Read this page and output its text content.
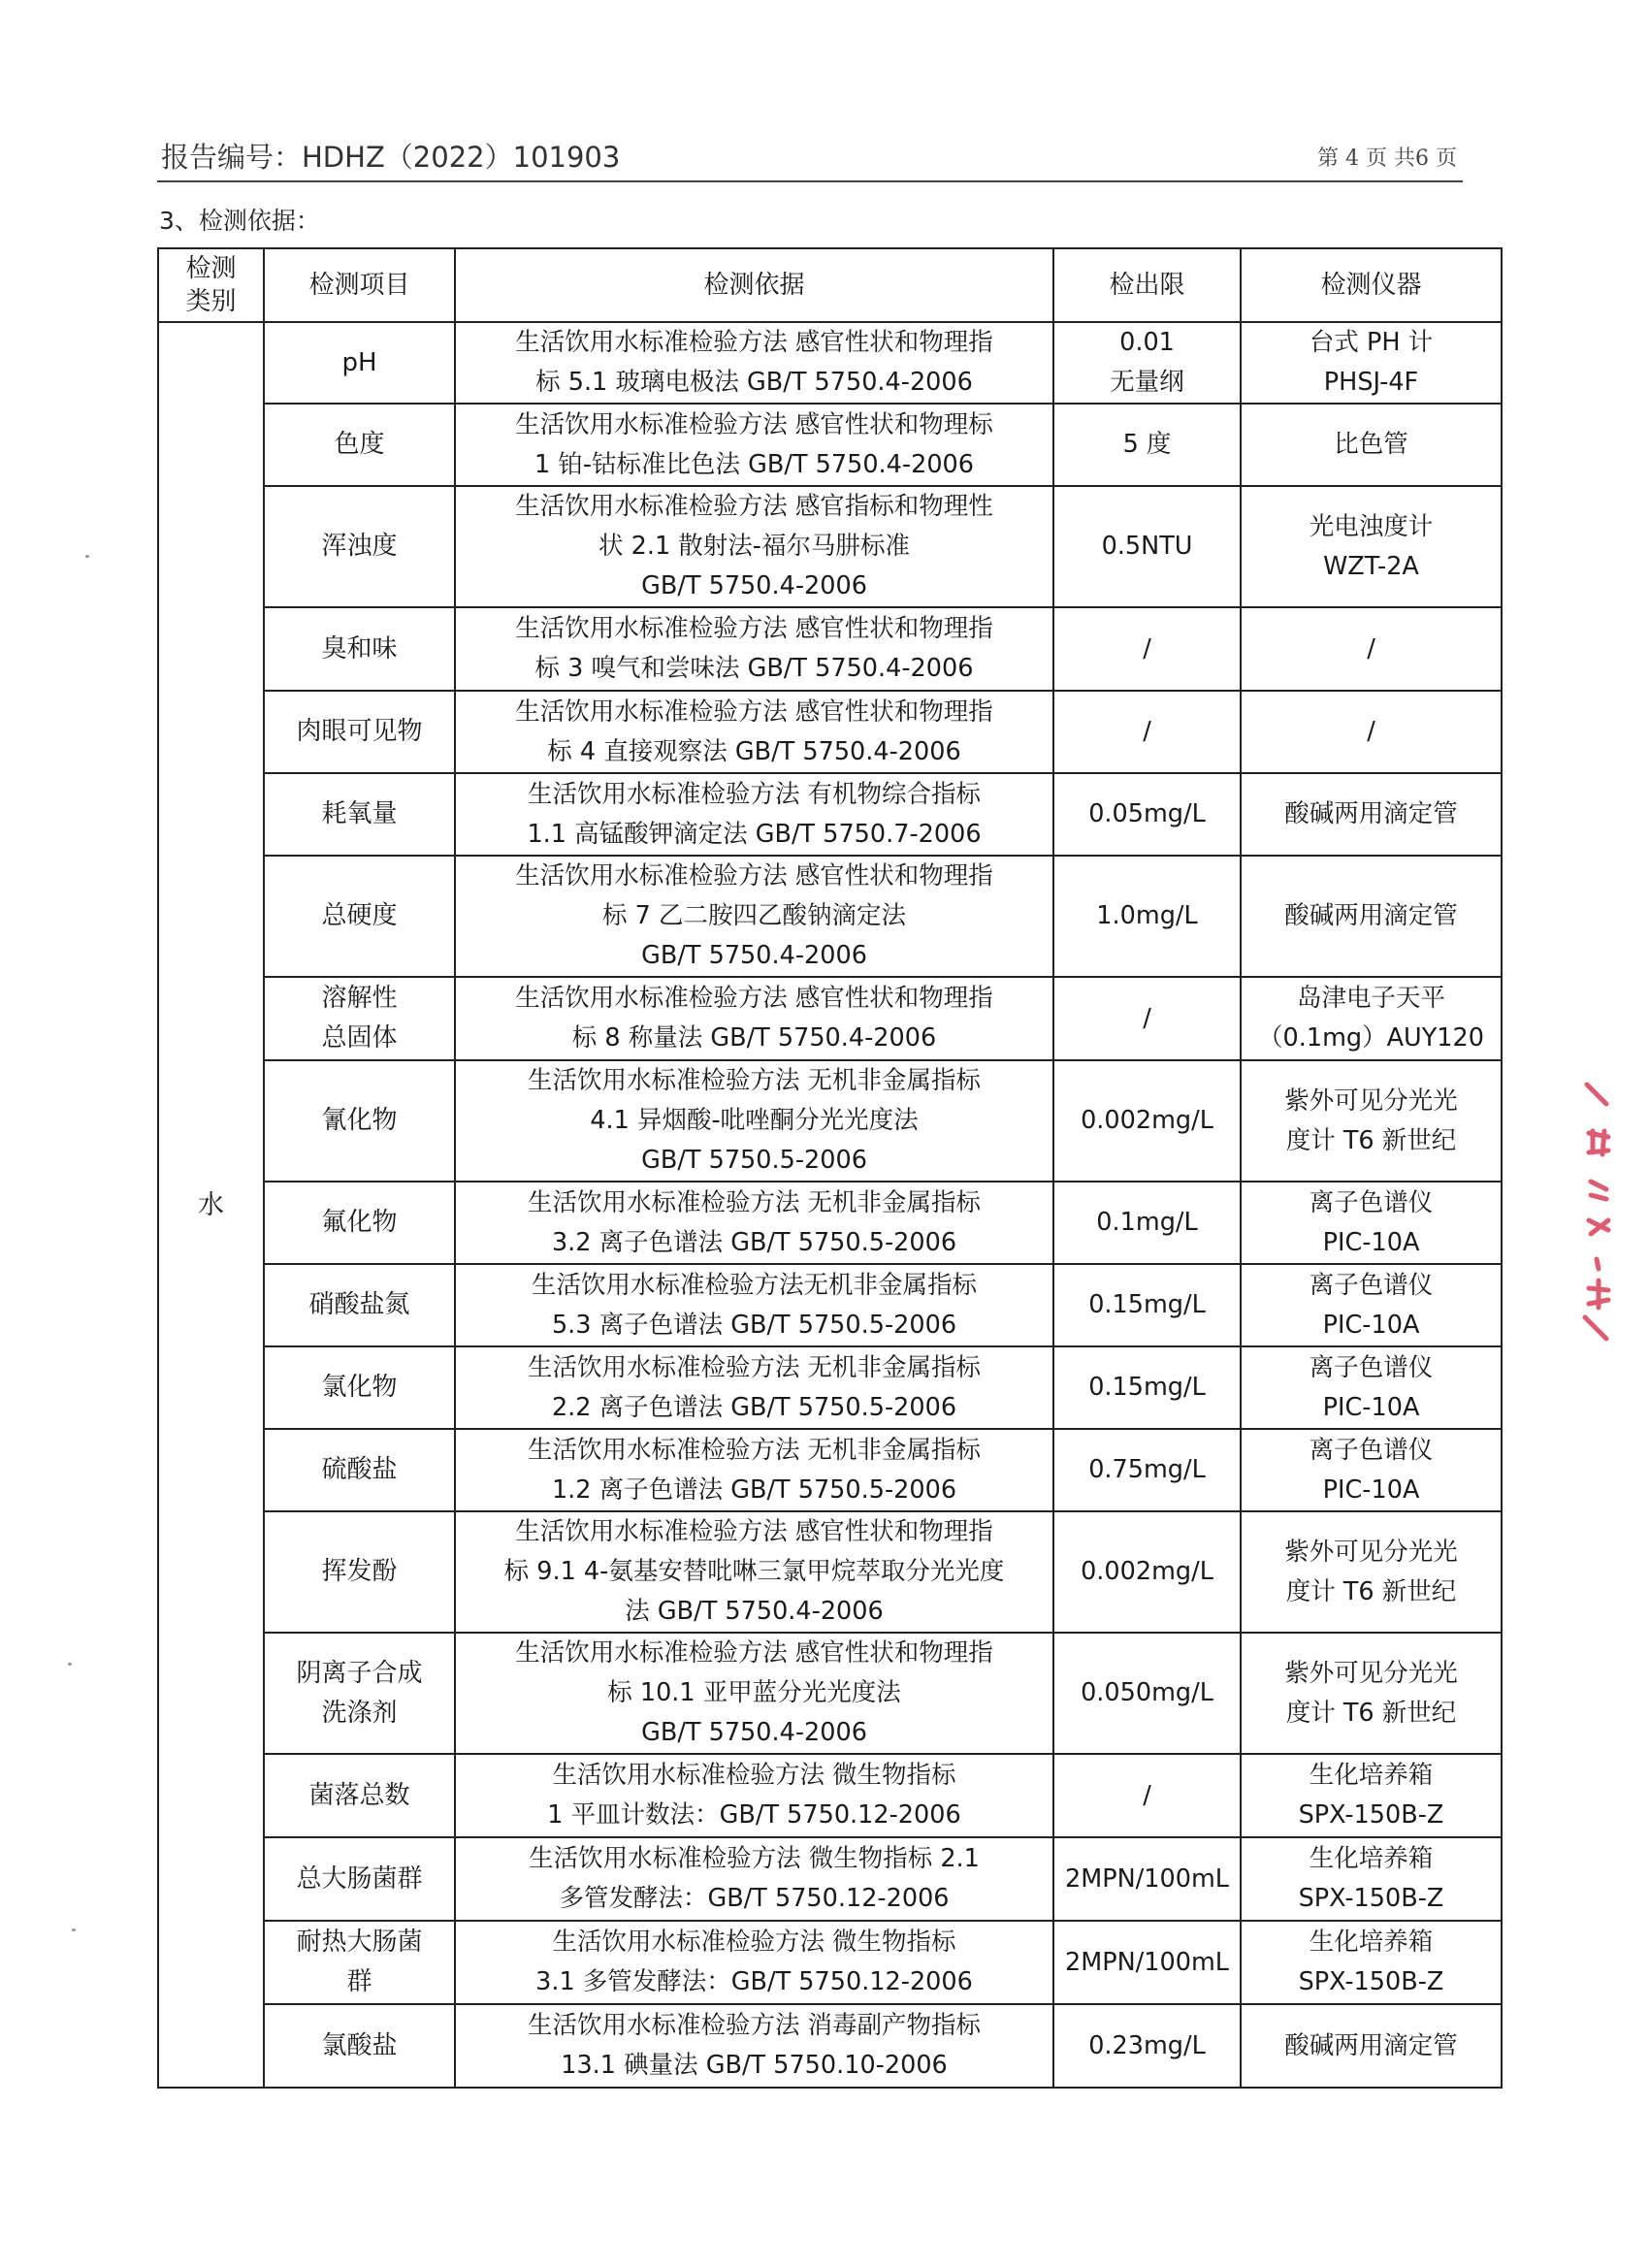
报告编号：HDHZ（2022）101903	第 4 页 共6 页
3、检测依据：
检测
类别	检测项目	检测依据	检出限	检测仪器
水	pH	生活饮用水标准检验方法 感官性状和物理指
标 5.1 玻璃电极法 GB/T 5750.4-2006	0.01
无量纲	台式 PH 计
PHSJ-4F
	色度	生活饮用水标准检验方法 感官性状和物理标
1 铂-钴标准比色法 GB/T 5750.4-2006	5 度	比色管
	浑浊度	生活饮用水标准检验方法 感官指标和物理性
状 2.1 散射法-福尔马肼标准
GB/T 5750.4-2006	0.5NTU	光电浊度计
WZT-2A
	臭和味	生活饮用水标准检验方法 感官性状和物理指
标 3 嗅气和尝味法 GB/T 5750.4-2006	/	/
	肉眼可见物	生活饮用水标准检验方法 感官性状和物理指
标 4 直接观察法 GB/T 5750.4-2006	/	/
	耗氧量	生活饮用水标准检验方法 有机物综合指标
1.1 高锰酸钾滴定法 GB/T 5750.7-2006	0.05mg/L	酸碱两用滴定管
	总硬度	生活饮用水标准检验方法 感官性状和物理指
标 7 乙二胺四乙酸钠滴定法
GB/T 5750.4-2006	1.0mg/L	酸碱两用滴定管
	溶解性
总固体	生活饮用水标准检验方法 感官性状和物理指
标 8 称量法 GB/T 5750.4-2006	/	岛津电子天平
（0.1mg）AUY120
	氰化物	生活饮用水标准检验方法 无机非金属指标
4.1 异烟酸-吡唑酮分光光度法
GB/T 5750.5-2006	0.002mg/L	紫外可见分光光
度计 T6 新世纪
	氟化物	生活饮用水标准检验方法 无机非金属指标
3.2 离子色谱法 GB/T 5750.5-2006	0.1mg/L	离子色谱仪
PIC-10A
	硝酸盐氮	生活饮用水标准检验方法无机非金属指标
5.3 离子色谱法 GB/T 5750.5-2006	0.15mg/L	离子色谱仪
PIC-10A
	氯化物	生活饮用水标准检验方法 无机非金属指标
2.2 离子色谱法 GB/T 5750.5-2006	0.15mg/L	离子色谱仪
PIC-10A
	硫酸盐	生活饮用水标准检验方法 无机非金属指标
1.2 离子色谱法 GB/T 5750.5-2006	0.75mg/L	离子色谱仪
PIC-10A
	挥发酚	生活饮用水标准检验方法 感官性状和物理指
标 9.1 4-氨基安替吡啉三氯甲烷萃取分光光度
法 GB/T 5750.4-2006	0.002mg/L	紫外可见分光光
度计 T6 新世纪
	阴离子合成
洗涤剂	生活饮用水标准检验方法 感官性状和物理指
标 10.1 亚甲蓝分光光度法
GB/T 5750.4-2006	0.050mg/L	紫外可见分光光
度计 T6 新世纪
	菌落总数	生活饮用水标准检验方法 微生物指标
1 平皿计数法：GB/T 5750.12-2006	/	生化培养箱
SPX-150B-Z
	总大肠菌群	生活饮用水标准检验方法 微生物指标 2.1
多管发酵法：GB/T 5750.12-2006	2MPN/100mL	生化培养箱
SPX-150B-Z
	耐热大肠菌
群	生活饮用水标准检验方法 微生物指标
3.1 多管发酵法：GB/T 5750.12-2006	2MPN/100mL	生化培养箱
SPX-150B-Z
	氯酸盐	生活饮用水标准检验方法 消毒副产物指标
13.1 碘量法 GB/T 5750.10-2006	0.23mg/L	酸碱两用滴定管
